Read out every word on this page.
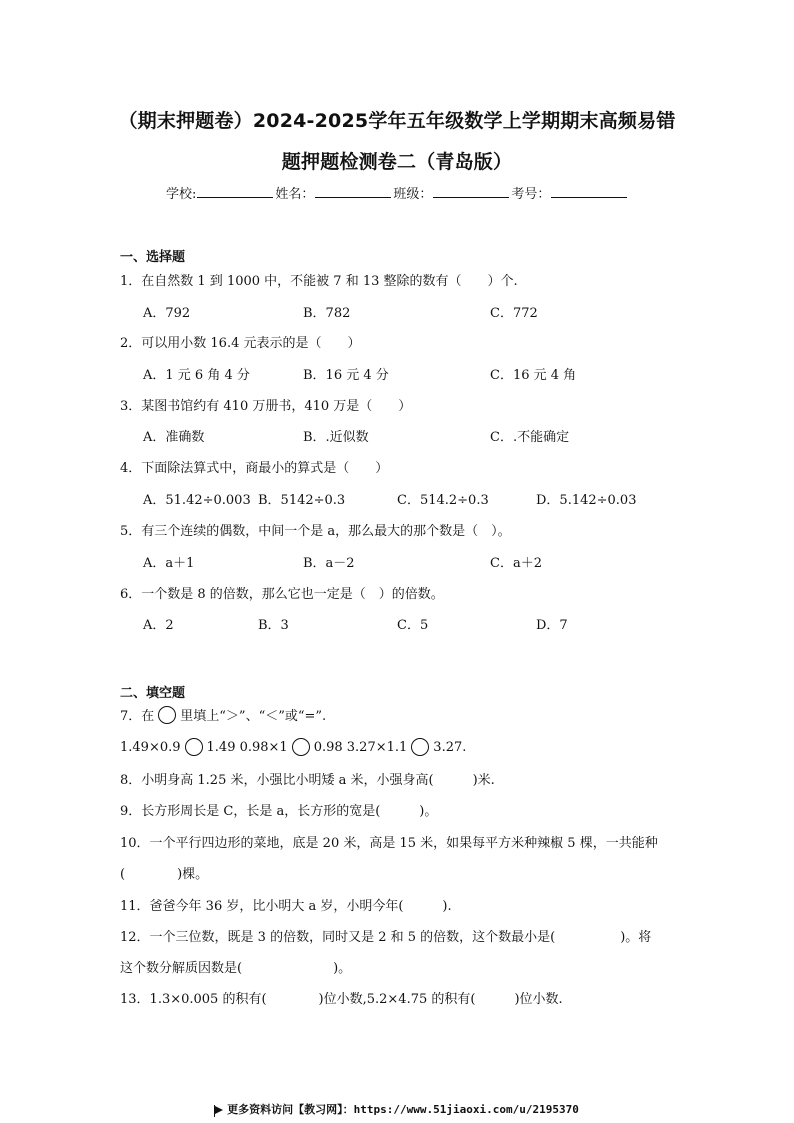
（期末押题卷）2024-2025学年五年级数学上学期期末高频易错
题押题检测卷二（青岛版）
学校:	姓名：	班级：	考号：
一、选择题
1．在自然数 1 到 1000 中，不能被 7 和 13 整除的数有（　　）个.
A．792	B．782	C．772
2．可以用小数 16.4 元表示的是（　　）
A．1 元 6 角 4 分	B．16 元 4 分	C．16 元 4 角
3．某图书馆约有 410 万册书，410 万是（　　）
A．准确数	B．.近似数	C．.不能确定
4．下面除法算式中，商最小的算式是（　　）
A．51.42÷0.003 B．5142÷0.3	C．514.2÷0.3	D．5.142÷0.03
5．有三个连续的偶数，中间一个是 a，那么最大的那个数是（　）。
A．a＋1	B．a－2	C．a＋2
6．一个数是 8 的倍数，那么它也一定是（　）的倍数。
A．2	B．3	C．5	D．7
二、填空题
7．在 里填上“＞”、“＜”或“=”.
1.49×0.9 1.49 0.98×1 0.98 3.27×1.1 3.27.
8．小明身高 1.25 米，小强比小明矮 a 米，小强身高(　　　)米.
9．长方形周长是 C，长是 a，长方形的宽是(　　　)。
10．一个平行四边形的菜地，底是 20 米，高是 15 米，如果每平方米种辣椒 5 棵，一共能种
(　　　　)棵。
11．爸爸今年 36 岁，比小明大 a 岁，小明今年(　　　).
12．一个三位数，既是 3 的倍数，同时又是 2 和 5 的倍数，这个数最小是(　　　　　)。将
这个数分解质因数是(　　　　　　　)。
13．1.3×0.005 的积有(　　　　)位小数,5.2×4.75 的积有(　　　)位小数.
更多资料访问【教习网】：https://www.51jiaoxi.com/u/2195370
